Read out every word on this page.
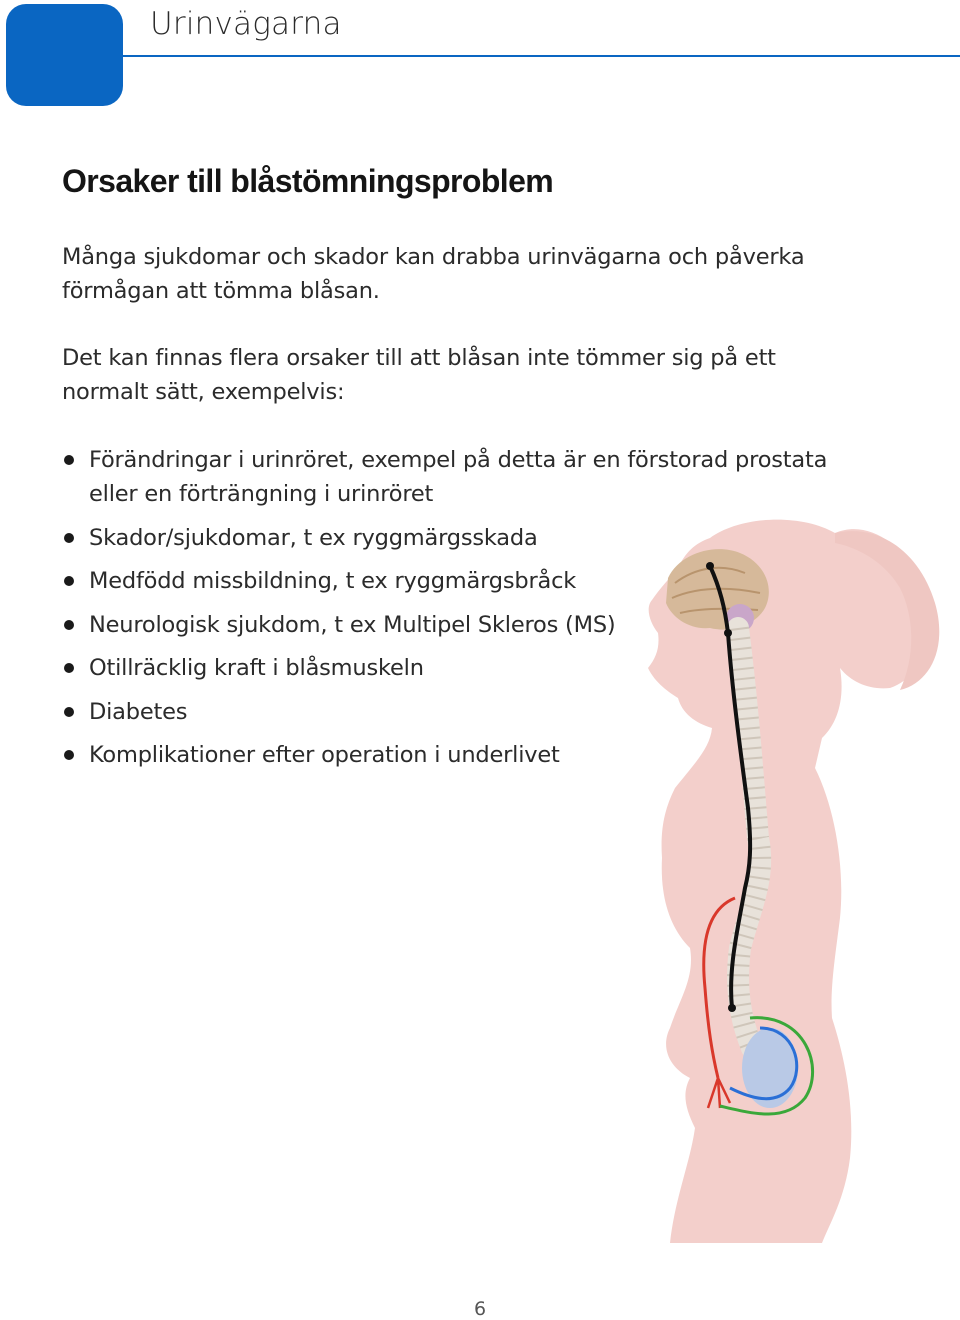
Urinvägarna
Orsaker till blåstömningsproblem

Många sjukdomar och skador kan drabba urinvägarna och påverka förmågan att tömma blåsan.

Det kan finnas flera orsaker till att blåsan inte tömmer sig på ett normalt sätt, exempelvis:

Förändringar i urinröret, exempel på detta är en förstorad prostata eller en förträngning i urinröret
Skador/sjukdomar, t ex ryggmärgsskada
Medfödd missbildning, t ex ryggmärgsbråck
Neurologisk sjukdom, t ex Multipel Skleros (MS)
Otillräcklig kraft i blåsmuskeln
Diabetes
Komplikationer efter operation i underlivet
6
